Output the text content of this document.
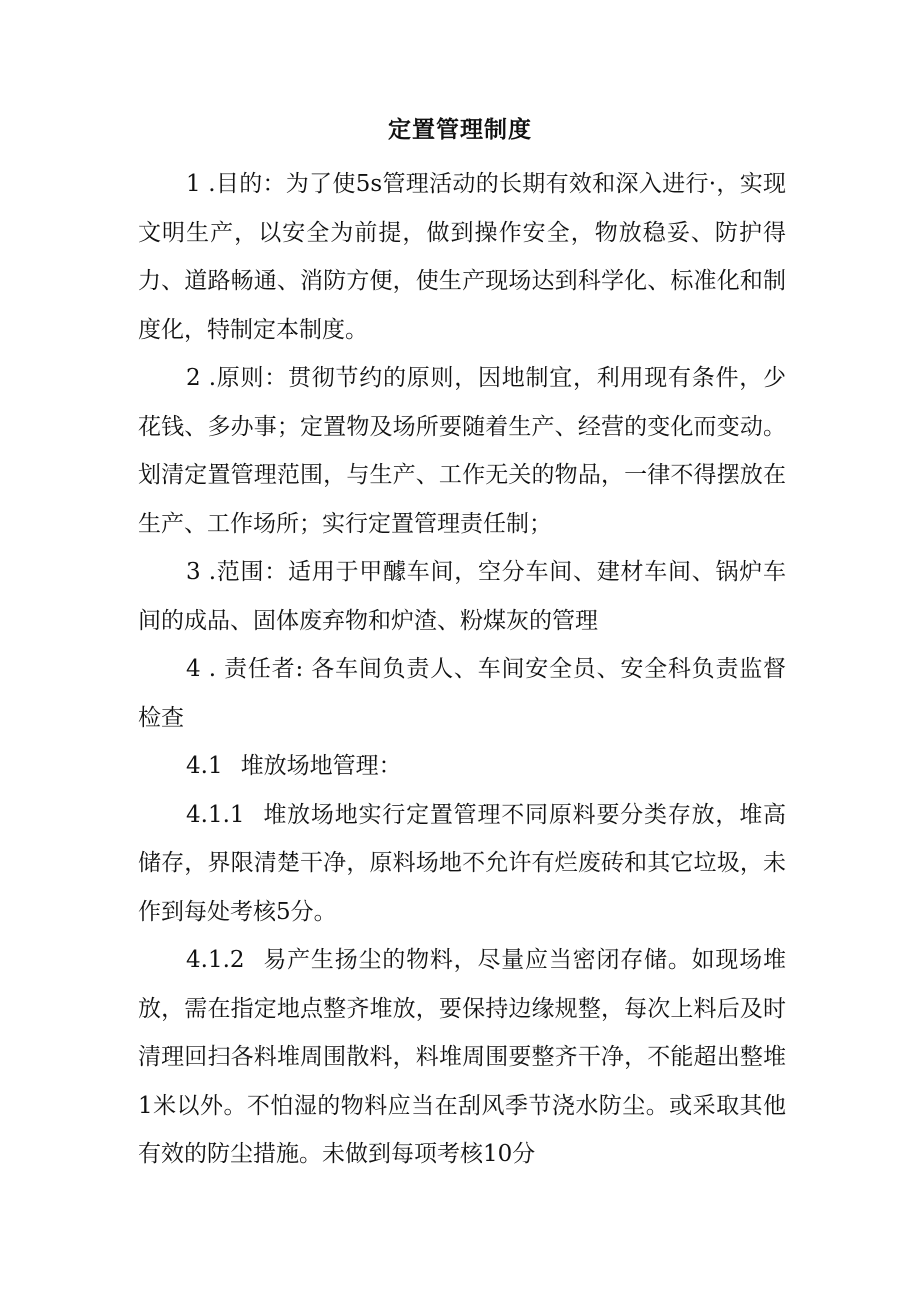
定置管理制度

1 .目的：为了使5s管理活动的长期有效和深入进行·，实现文明生产，以安全为前提，做到操作安全，物放稳妥、防护得力、道路畅通、消防方便，使生产现场达到科学化、标准化和制度化，特制定本制度。

2 .原则：贯彻节约的原则，因地制宜，利用现有条件，少花钱、多办事；定置物及场所要随着生产、经营的变化而变动。划清定置管理范围，与生产、工作无关的物品，一律不得摆放在生产、工作场所；实行定置管理责任制；

3 .范围：适用于甲醵车间，空分车间、建材车间、锅炉车间的成品、固体废弃物和炉渣、粉煤灰的管理

4 . 责任者: 各车间负责人、车间安全员、安全科负责监督检查

4.1 堆放场地管理：

4.1.1 堆放场地实行定置管理不同原料要分类存放，堆高储存，界限清楚干净，原料场地不允许有烂废砖和其它垃圾，未作到每处考核5分。

4.1.2 易产生扬尘的物料，尽量应当密闭存储。如现场堆放，需在指定地点整齐堆放，要保持边缘规整，每次上料后及时清理回扫各料堆周围散料，料堆周围要整齐干净，不能超出整堆1米以外。不怕湿的物料应当在刮风季节浇水防尘。或采取其他有效的防尘措施。未做到每项考核10分
